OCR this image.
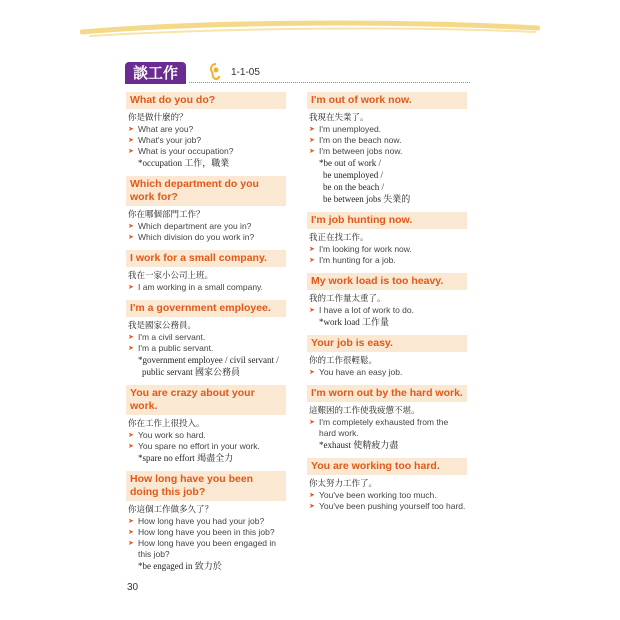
談工作	1-1-05
What do you do?
你是做什麼的？
➤ What are you?
➤ What's your job?
➤ What is your occupation?
*occupation 工作，職業
Which department do you work for?
你在哪個部門工作？
➤ Which department are you in?
➤ Which division do you work in?
I work for a small company.
我在一家小公司上班。
➤ I am working in a small company.
I'm a government employee.
我是國家公務員。
➤ I'm a civil servant.
➤ I'm a public servant.
*government employee / civil servant /
public servant 國家公務員
You are crazy about your work.
你在工作上很投入。
➤ You work so hard.
➤ You spare no effort in your work.
*spare no effort 竭盡全力
How long have you been doing this job?
你這個工作做多久了？
➤ How long have you had your job?
➤ How long have you been in this job?
➤ How long have you been engaged in this job?
*be engaged in 致力於
I'm out of work now.
我現在失業了。
➤ I'm unemployed.
➤ I'm on the beach now.
➤ I'm between jobs now.
*be out of work /
be unemployed /
be on the beach /
be between jobs 失業的
I'm job hunting now.
我正在找工作。
➤ I'm looking for work now.
➤ I'm hunting for a job.
My work load is too heavy.
我的工作量太重了。
➤ I have a lot of work to do.
*work load 工作量
Your job is easy.
你的工作很輕鬆。
➤ You have an easy job.
I'm worn out by the hard work.
這艱困的工作使我疲憊不堪。
➤ I'm completely exhausted from the hard work.
*exhaust 使精疲力盡
You are working too hard.
你太努力工作了。
➤ You've been working too much.
➤ You've been pushing yourself too hard.
30
